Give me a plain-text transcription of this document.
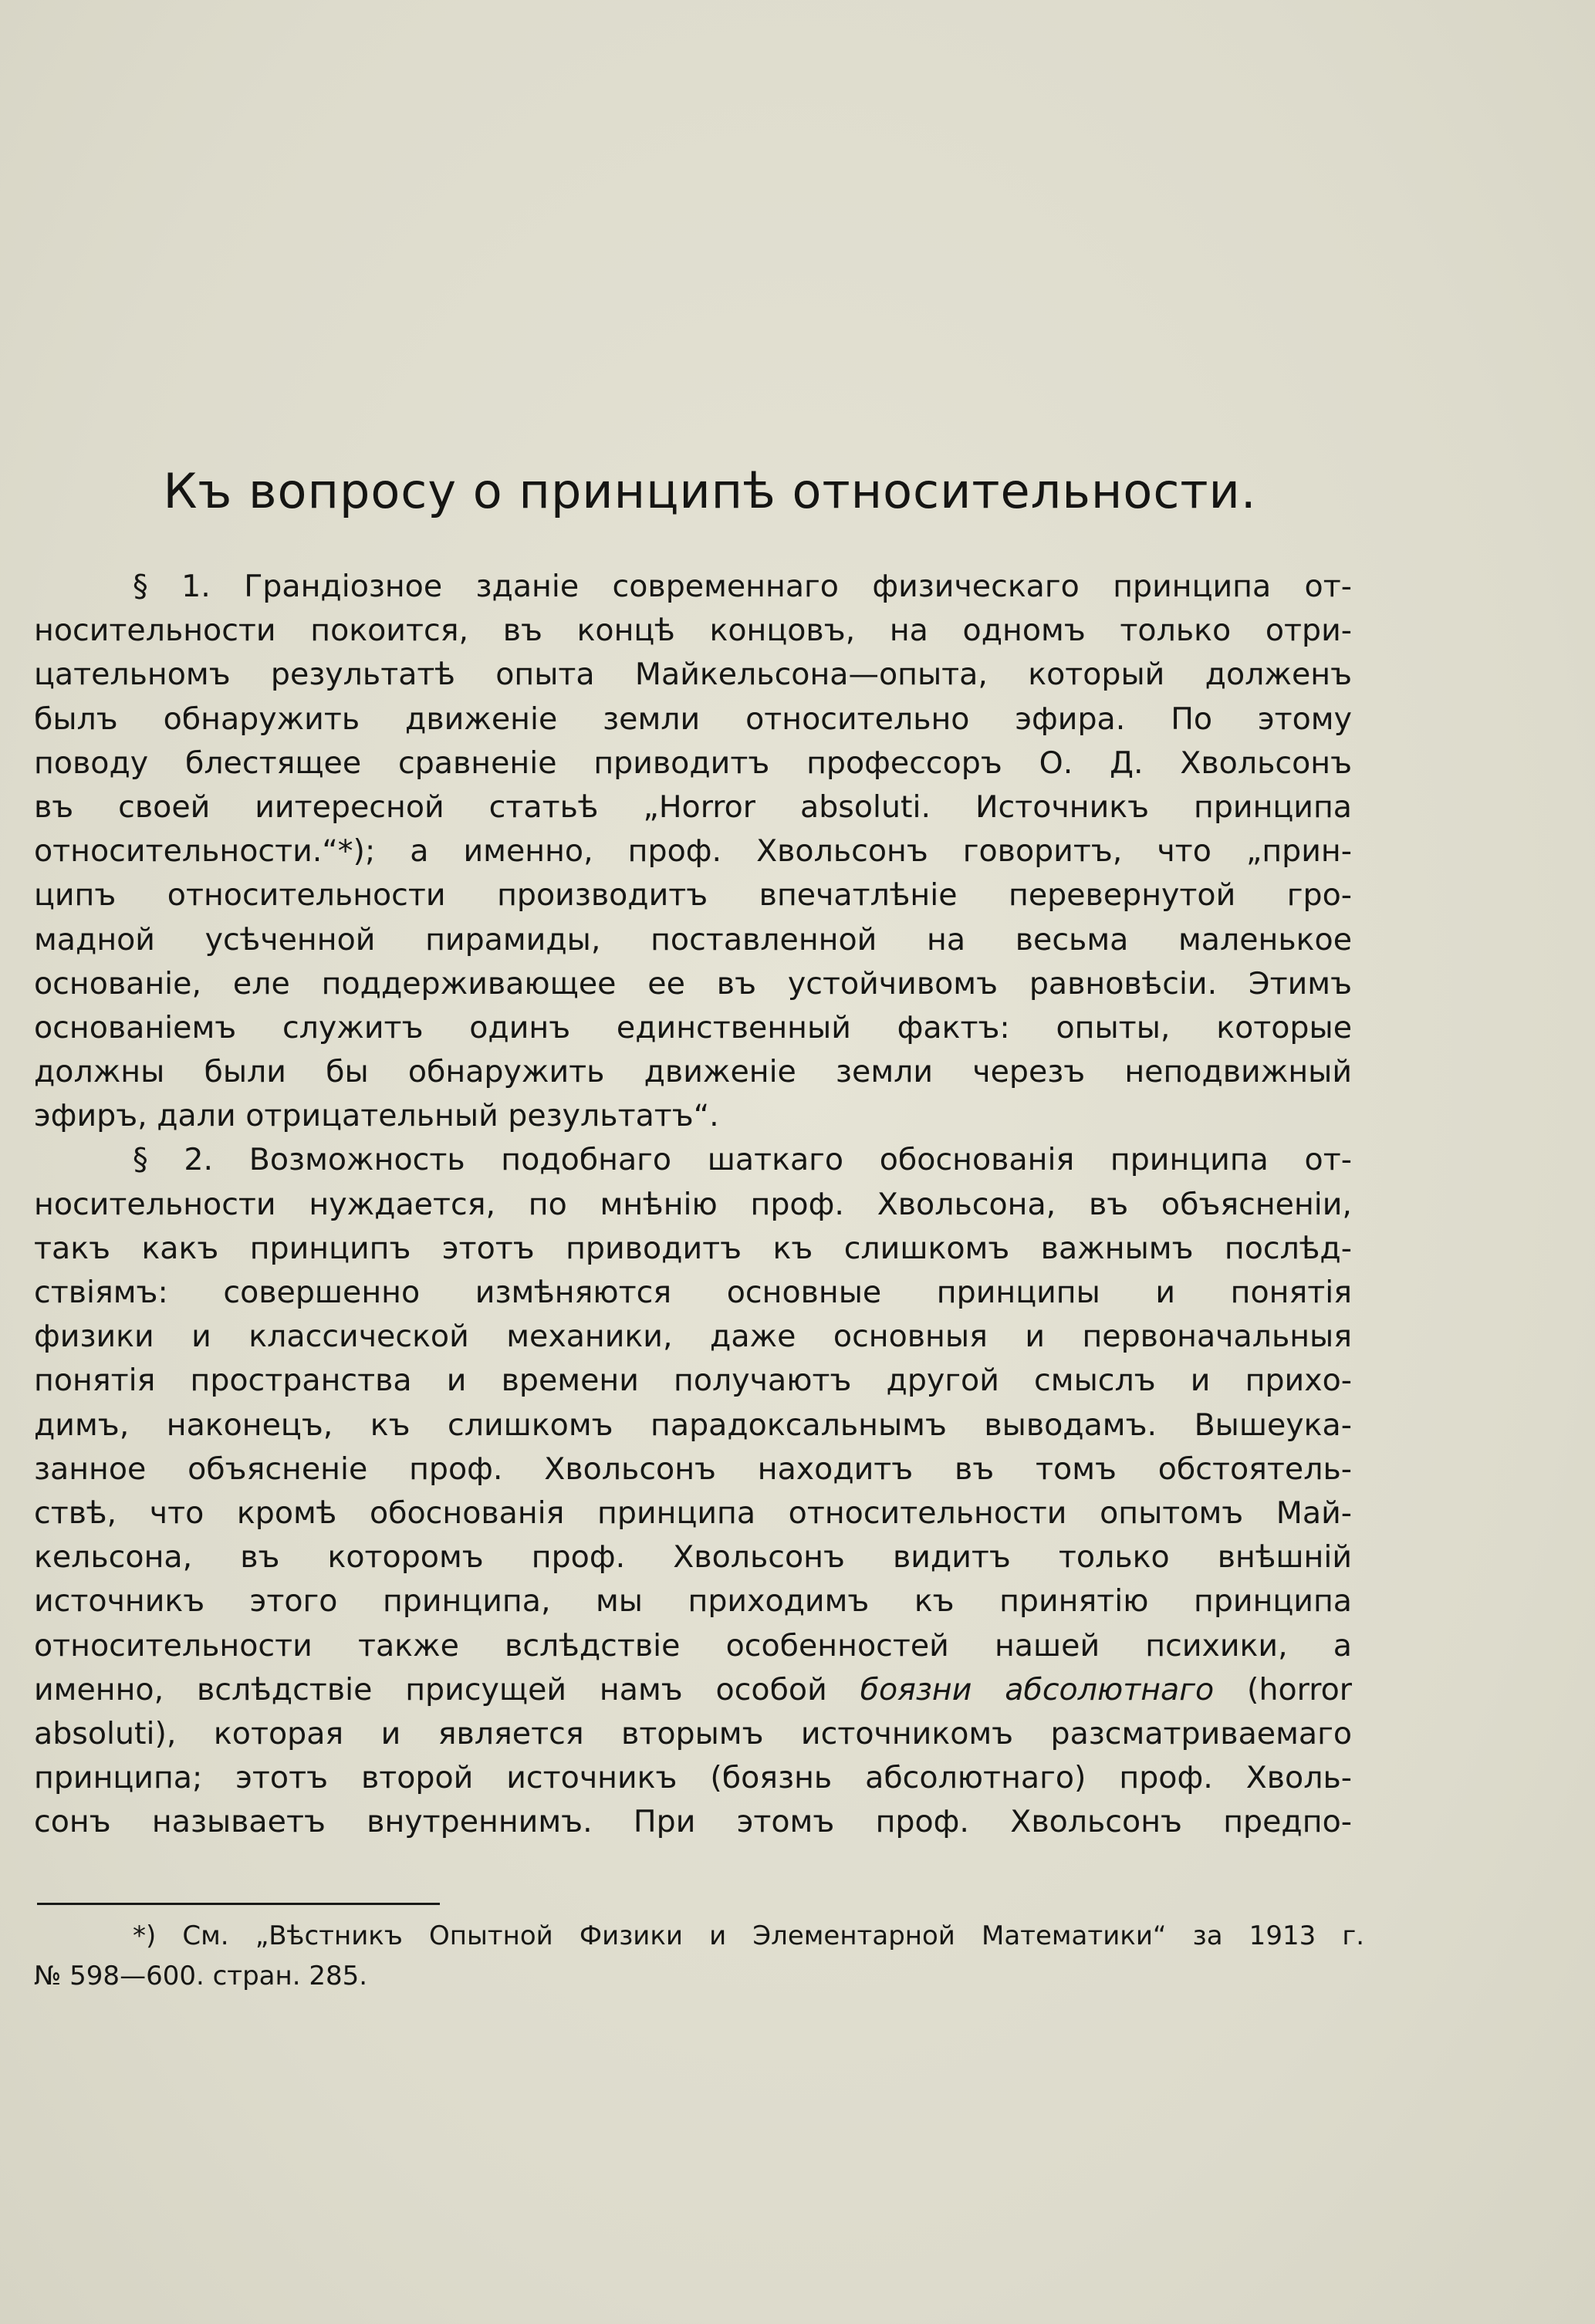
Къ вопросу о принципѣ относительности.
§ 1. Грандіозное зданіе современнаго физическаго принципа от-
носительности покоится, въ концѣ концовъ, на одномъ только отри-
цательномъ результатѣ опыта Майкельсона—опыта, который долженъ
былъ обнаружить движеніе земли относительно эфира. По этому
поводу блестящее сравненіе приводитъ профессоръ О. Д. Хвольсонъ
въ своей иитересной статьѣ „Horror absoluti. Источникъ принципа
относительности.“*); а именно, проф. Хвольсонъ говоритъ, что „прин-
ципъ относительности производитъ впечатлѣніе перевернутой гро-
мадной усѣченной пирамиды, поставленной на весьма маленькое
основаніе, еле поддерживающее ее въ устойчивомъ равновѣсіи. Этимъ
основаніемъ служитъ одинъ единственный фактъ: опыты, которые
должны были бы обнаружить движеніе земли черезъ неподвижный
эфиръ, дали отрицательный результатъ“.
§ 2. Возможность подобнаго шаткаго обоснованія принципа от-
носительности нуждается, по мнѣнію проф. Хвольсона, въ объясненіи,
такъ какъ принципъ этотъ приводитъ къ слишкомъ важнымъ послѣд-
ствіямъ: совершенно измѣняются основные принципы и понятія
физики и классической механики, даже основныя и первоначальныя
понятія пространства и времени получаютъ другой смыслъ и прихо-
димъ, наконецъ, къ слишкомъ парадоксальнымъ выводамъ. Вышеука-
занное объясненіе проф. Хвольсонъ находитъ въ томъ обстоятель-
ствѣ, что кромѣ обоснованія принципа относительности опытомъ Май-
кельсона, въ которомъ проф. Хвольсонъ видитъ только внѣшній
источникъ этого принципа, мы приходимъ къ принятію принципа
относительности также вслѣдствіе особенностей нашей психики, а
именно, вслѣдствіе присущей намъ особой боязни абсолютнаго (horror
absoluti), которая и является вторымъ источникомъ разсматриваемаго
принципа; этотъ второй источникъ (боязнь абсолютнаго) проф. Хволь-
сонъ называетъ внутреннимъ. При этомъ проф. Хвольсонъ предпо-
*) См. „Вѣстникъ Опытной Физики и Элементарной Математики“ за 1913 г.
№ 598—600. стран. 285.
